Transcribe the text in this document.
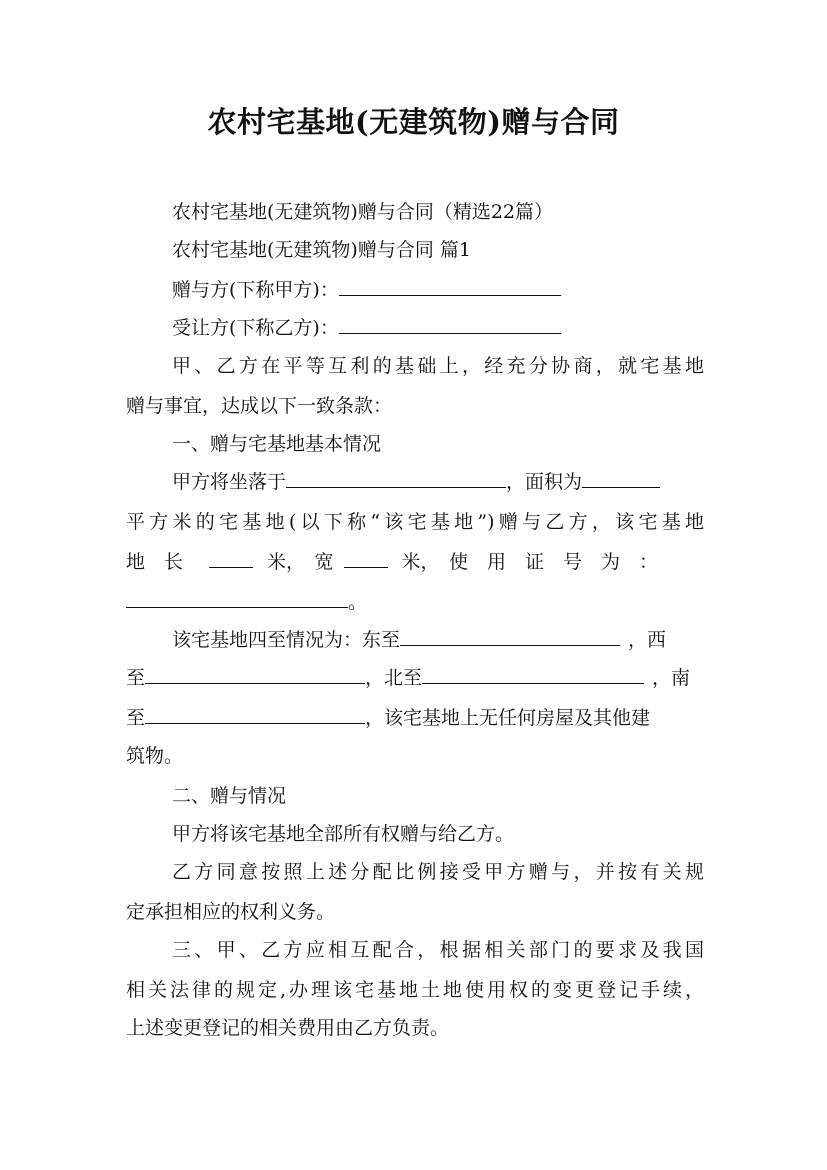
农村宅基地(无建筑物)赠与合同
农村宅基地(无建筑物)赠与合同（精选22篇）
农村宅基地(无建筑物)赠与合同 篇1
赠与方(下称甲方)：
受让方(下称乙方)：
甲、乙方在平等互利的基础上，经充分协商，就宅基地
赠与事宜，达成以下一致条款：
一、赠与宅基地基本情况
甲方将坐落于	，面积为
平方米的宅基地(以下称“该宅基地”)赠与乙方，该宅基地
地　长	米，　宽	米，　使　用　证　号　为　：
。
该宅基地四至情况为：东至	，西
至	，北至	，南
至	，该宅基地上无任何房屋及其他建
筑物。
二、赠与情况
甲方将该宅基地全部所有权赠与给乙方。
乙方同意按照上述分配比例接受甲方赠与，并按有关规
定承担相应的权利义务。
三、甲、乙方应相互配合，根据相关部门的要求及我国
相关法律的规定,办理该宅基地土地使用权的变更登记手续，
上述变更登记的相关费用由乙方负责。
